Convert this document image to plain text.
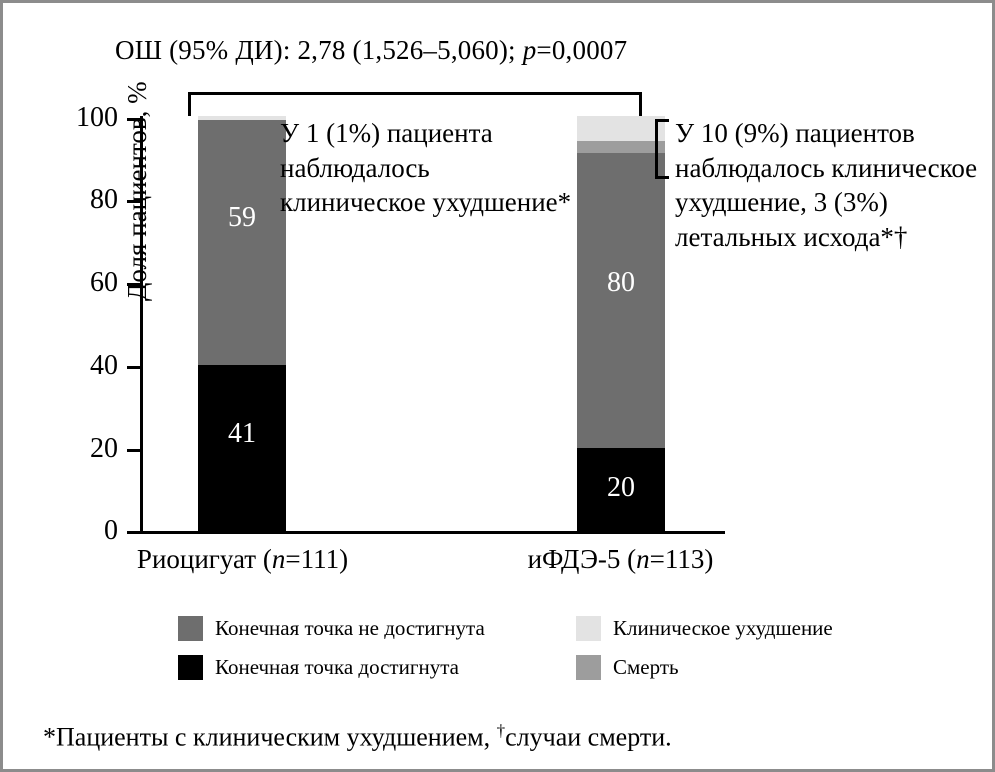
ОШ (95% ДИ): 2,78 (1,526–5,060); p=0,0007
100
80
60
40
20
0
Доля пациентов, %	59
41
Риоцигуат (n=111)
80
20
иФДЭ-5 (n=113)
У 1 (1%) пациента наблюдалось клиническое ухудшение*
У 10 (9%) пациентов наблюдалось клиническое ухудшение, 3 (3%) летальных исхода*†
Конечная точка не достигнута	Клиническое ухудшение
Конечная точка достигнута	Смерть
*Пациенты с клиническим ухудшением, †случаи смерти.
